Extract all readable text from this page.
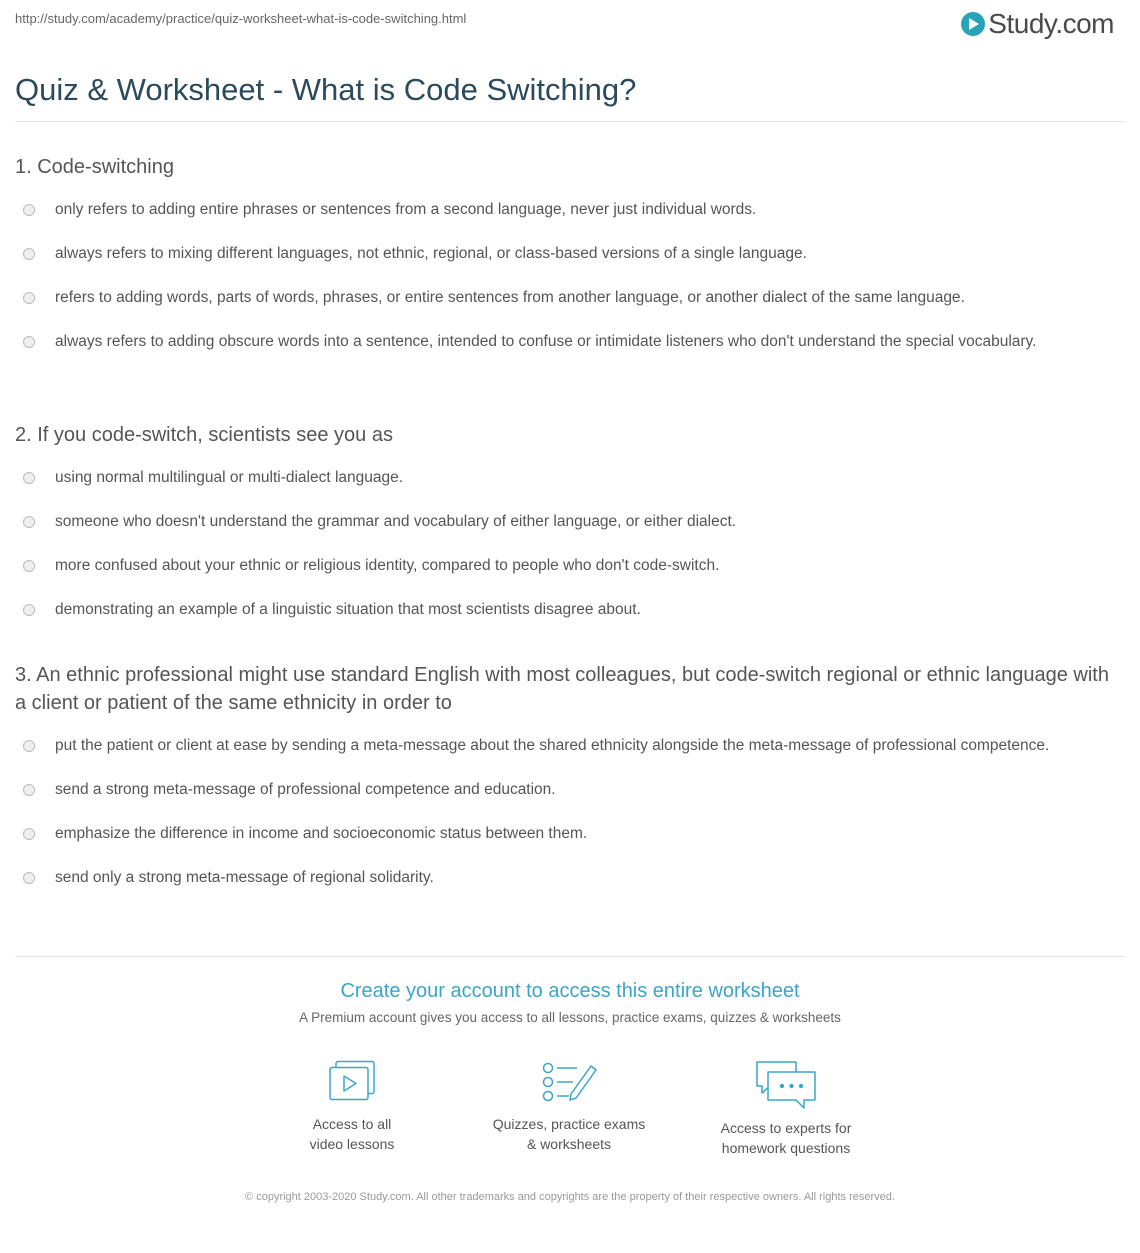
http://study.com/academy/practice/quiz-worksheet-what-is-code-switching.html	Study.com
Quiz & Worksheet - What is Code Switching?
1. Code-switching
only refers to adding entire phrases or sentences from a second language, never just individual words.
always refers to mixing different languages, not ethnic, regional, or class-based versions of a single language.
refers to adding words, parts of words, phrases, or entire sentences from another language, or another dialect of the same language.
always refers to adding obscure words into a sentence, intended to confuse or intimidate listeners who don't understand the special vocabulary.
2. If you code-switch, scientists see you as
using normal multilingual or multi-dialect language.
someone who doesn't understand the grammar and vocabulary of either language, or either dialect.
more confused about your ethnic or religious identity, compared to people who don't code-switch.
demonstrating an example of a linguistic situation that most scientists disagree about.
3. An ethnic professional might use standard English with most colleagues, but code-switch regional or ethnic language with a client or patient of the same ethnicity in order to
put the patient or client at ease by sending a meta-message about the shared ethnicity alongside the meta-message of professional competence.
send a strong meta-message of professional competence and education.
emphasize the difference in income and socioeconomic status between them.
send only a strong meta-message of regional solidarity.
Create your account to access this entire worksheet
A Premium account gives you access to all lessons, practice exams, quizzes & worksheets
Access to all
video lessons
Quizzes, practice exams
& worksheets
Access to experts for
homework questions
© copyright 2003-2020 Study.com. All other trademarks and copyrights are the property of their respective owners. All rights reserved.
